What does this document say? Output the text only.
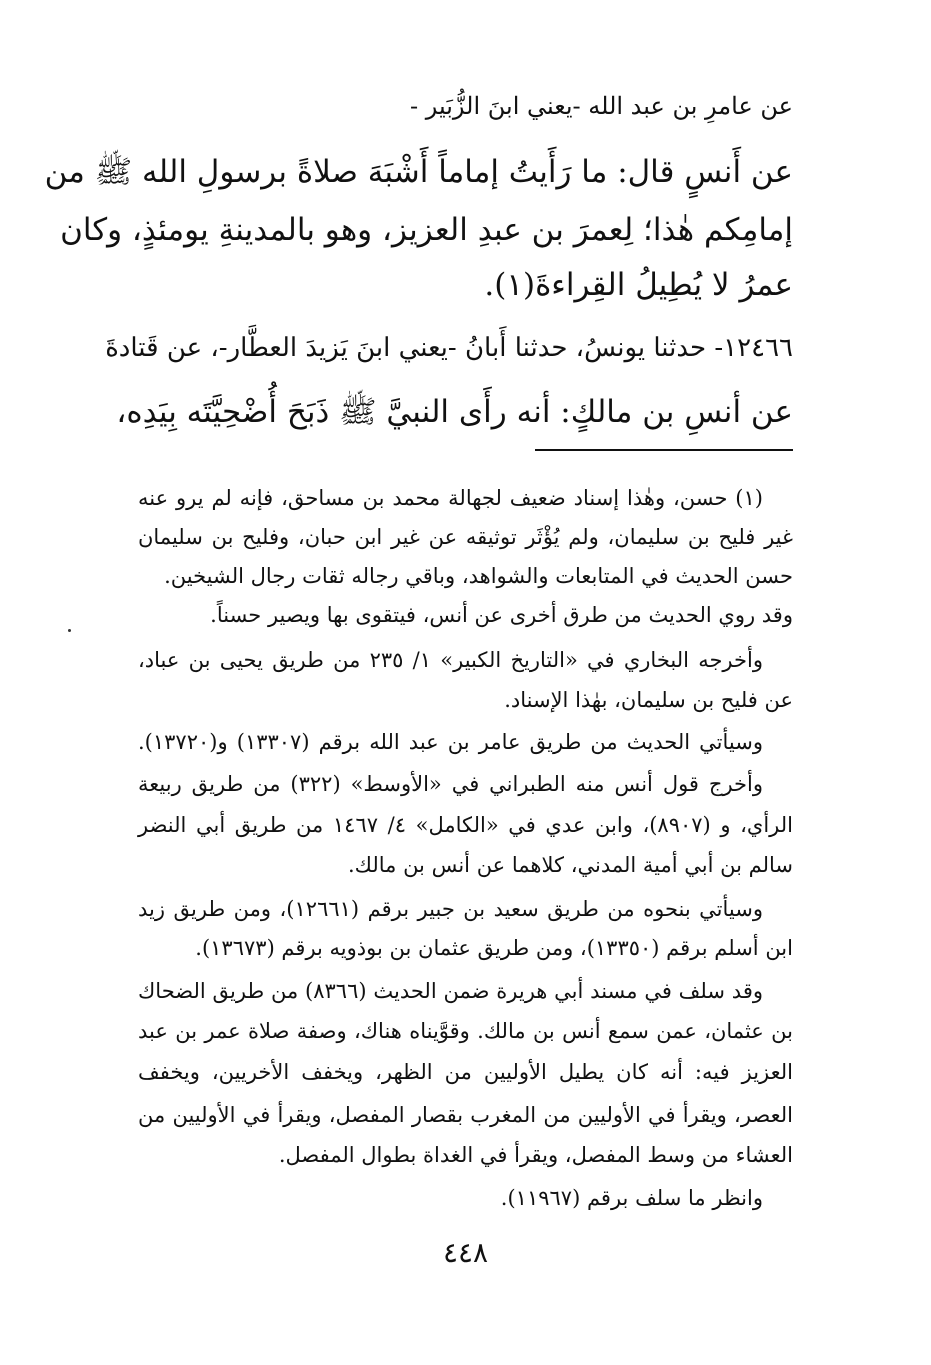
عن عامرِ بن عبد الله -يعني ابنَ الزُّبَير -
عن أَنسٍ قال: ما رَأَيتُ إماماً أَشْبَهَ صلاةً برسولِ الله ﷺ من
إمامِكم هٰذا؛ لِعمرَ بن عبدِ العزيز، وهو بالمدينةِ يومئذٍ، وكان
عمرُ لا يُطِيلُ القِراءةَ(١).
١٢٤٦٦- حدثنا يونسُ، حدثنا أَبانُ -يعني ابنَ يَزيدَ العطَّار-، عن قَتادةَ
عن أنسِ بن مالكٍ: أنه رأَى النبيَّ ﷺ ذَبَحَ أُضْحِيَّتَه بِيَدِه،
(١) حسن، وهٰذا إسناد ضعيف لجهالة محمد بن مساحق، فإنه لم يرو عنه
غير فليح بن سليمان، ولم يُؤْثَر توثيقه عن غير ابن حبان، وفليح بن سليمان
حسن الحديث في المتابعات والشواهد، وباقي رجاله ثقات رجال الشيخين.
وقد روي الحديث من طرق أخرى عن أنس، فيتقوى بها ويصير حسناً.
وأخرجه البخاري في «التاريخ الكبير» ١/ ٢٣٥ من طريق يحيى بن عباد،
عن فليح بن سليمان، بهٰذا الإسناد.
وسيأتي الحديث من طريق عامر بن عبد الله برقم (١٣٣٠٧) و(١٣٧٢٠).
وأخرج قول أنس منه الطبراني في «الأوسط» (٣٢٢) من طريق ربيعة
الرأي، و (٨٩٠٧)، وابن عدي في «الكامل» ٤/ ١٤٦٧ من طريق أبي النضر
سالم بن أبي أمية المدني، كلاهما عن أنس بن مالك.
وسيأتي بنحوه من طريق سعيد بن جبير برقم (١٢٦٦١)، ومن طريق زيد
ابن أسلم برقم (١٣٣٥٠)، ومن طريق عثمان بن بوذويه برقم (١٣٦٧٣).
وقد سلف في مسند أبي هريرة ضمن الحديث (٨٣٦٦) من طريق الضحاك
بن عثمان، عمن سمع أنس بن مالك. وقوَّيناه هناك، وصفة صلاة عمر بن عبد
العزيز فيه: أنه كان يطيل الأوليين من الظهر، ويخفف الأخريين، ويخفف
العصر، ويقرأ في الأوليين من المغرب بقصار المفصل، ويقرأ في الأوليين من
العشاء من وسط المفصل، ويقرأ في الغداة بطوال المفصل.
وانظر ما سلف برقم (١١٩٦٧).
٤٤٨
